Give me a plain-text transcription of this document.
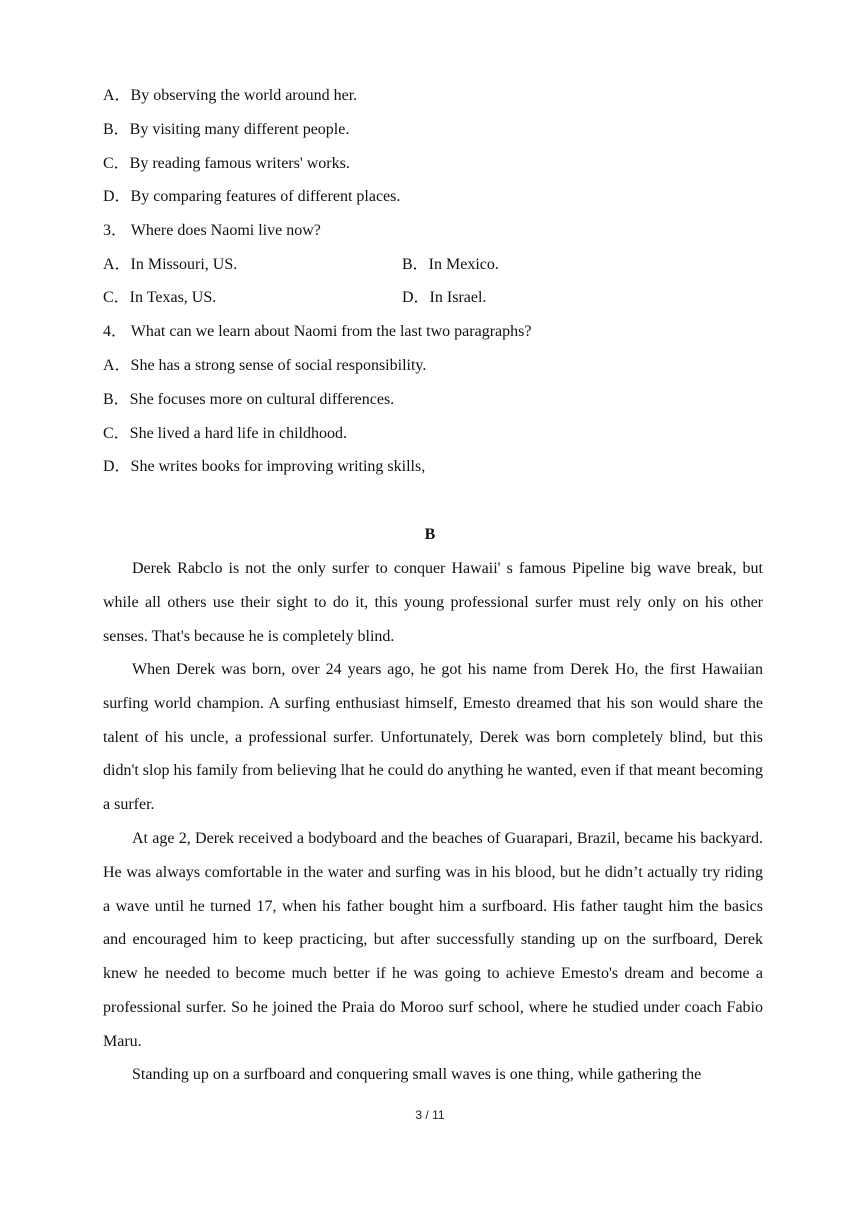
A．By observing the world around her.
B．By visiting many different people.
C．By reading famous writers' works.
D．By comparing features of different places.
3． Where does Naomi live now?
A．In Missouri, US.	B．In Mexico.
C．In Texas, US.	D．In Israel.
4． What can we learn about Naomi from the last two paragraphs?
A．She has a strong sense of social responsibility.
B．She focuses more on cultural differences.
C．She lived a hard life in childhood.
D．She writes books for improving writing skills,
B
Derek Rabclo is not the only surfer to conquer Hawaii' s famous Pipeline big wave break, but while all others use their sight to do it, this young professional surfer must rely only on his other senses. That's because he is completely blind.
When Derek was born, over 24 years ago, he got his name from Derek Ho, the first Hawaiian surfing world champion. A surfing enthusiast himself, Emesto dreamed that his son would share the talent of his uncle, a professional surfer. Unfortunately, Derek was born completely blind, but this didn't slop his family from believing lhat he could do anything he wanted, even if that meant becoming a surfer.
At age 2, Derek received a bodyboard and the beaches of Guarapari, Brazil, became his backyard. He was always comfortable in the water and surfing was in his blood, but he didn’t actually try riding a wave until he turned 17, when his father bought him a surfboard. His father taught him the basics and encouraged him to keep practicing, but after successfully standing up on the surfboard, Derek knew he needed to become much better if he was going to achieve Emesto's dream and become a professional surfer. So he joined the Praia do Moroo surf school, where he studied under coach Fabio Maru.
Standing up on a surfboard and conquering small waves is one thing, while gathering the
3 / 11
